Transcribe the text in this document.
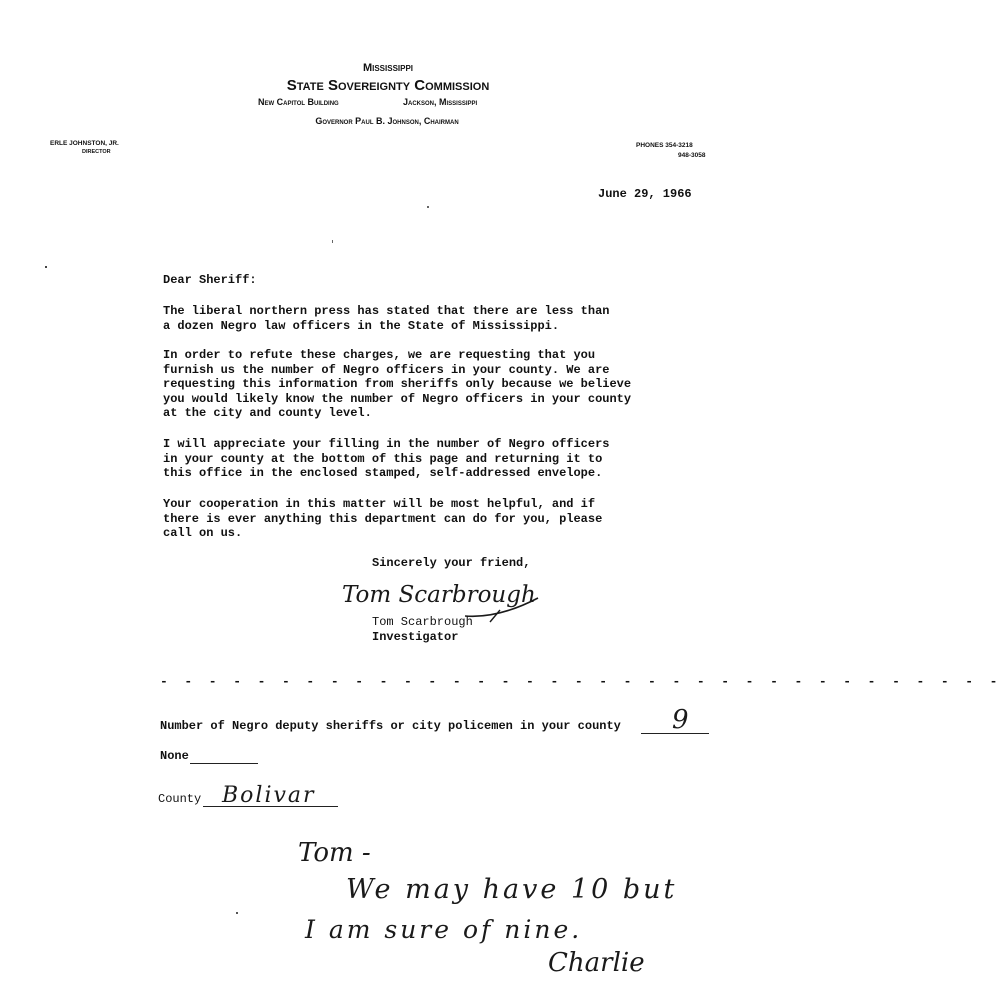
Mississippi
State Sovereignty Commission
New Capitol Building	Jackson, Mississippi
Governor Paul B. Johnson, Chairman
ERLE JOHNSTON, JR.
DIRECTOR
PHONES 354-3218
948-3058
June 29, 1966
Dear Sheriff:
The liberal northern press has stated that there are less than
a dozen Negro law officers in the State of Mississippi.
In order to refute these charges, we are requesting that you
furnish us the number of Negro officers in your county. We are
requesting this information from sheriffs only because we believe
you would likely know the number of Negro officers in your county
at the city and county level.
I will appreciate your filling in the number of Negro officers
in your county at the bottom of this page and returning it to
this office in the enclosed stamped, self-addressed envelope.
Your cooperation in this matter will be most helpful, and if
there is ever anything this department can do for you, please
call on us.
Sincerely your friend,
Tom Scarbrough
Tom Scarbrough
Investigator
- - - - - - - - - - - - - - - - - - - - - - - - - - - - - - - - - - -
Number of Negro deputy sheriffs or city policemen in your county 9
None
County Bolivar
Tom -
We may have 10 but
I am sure of nine.
Charlie
